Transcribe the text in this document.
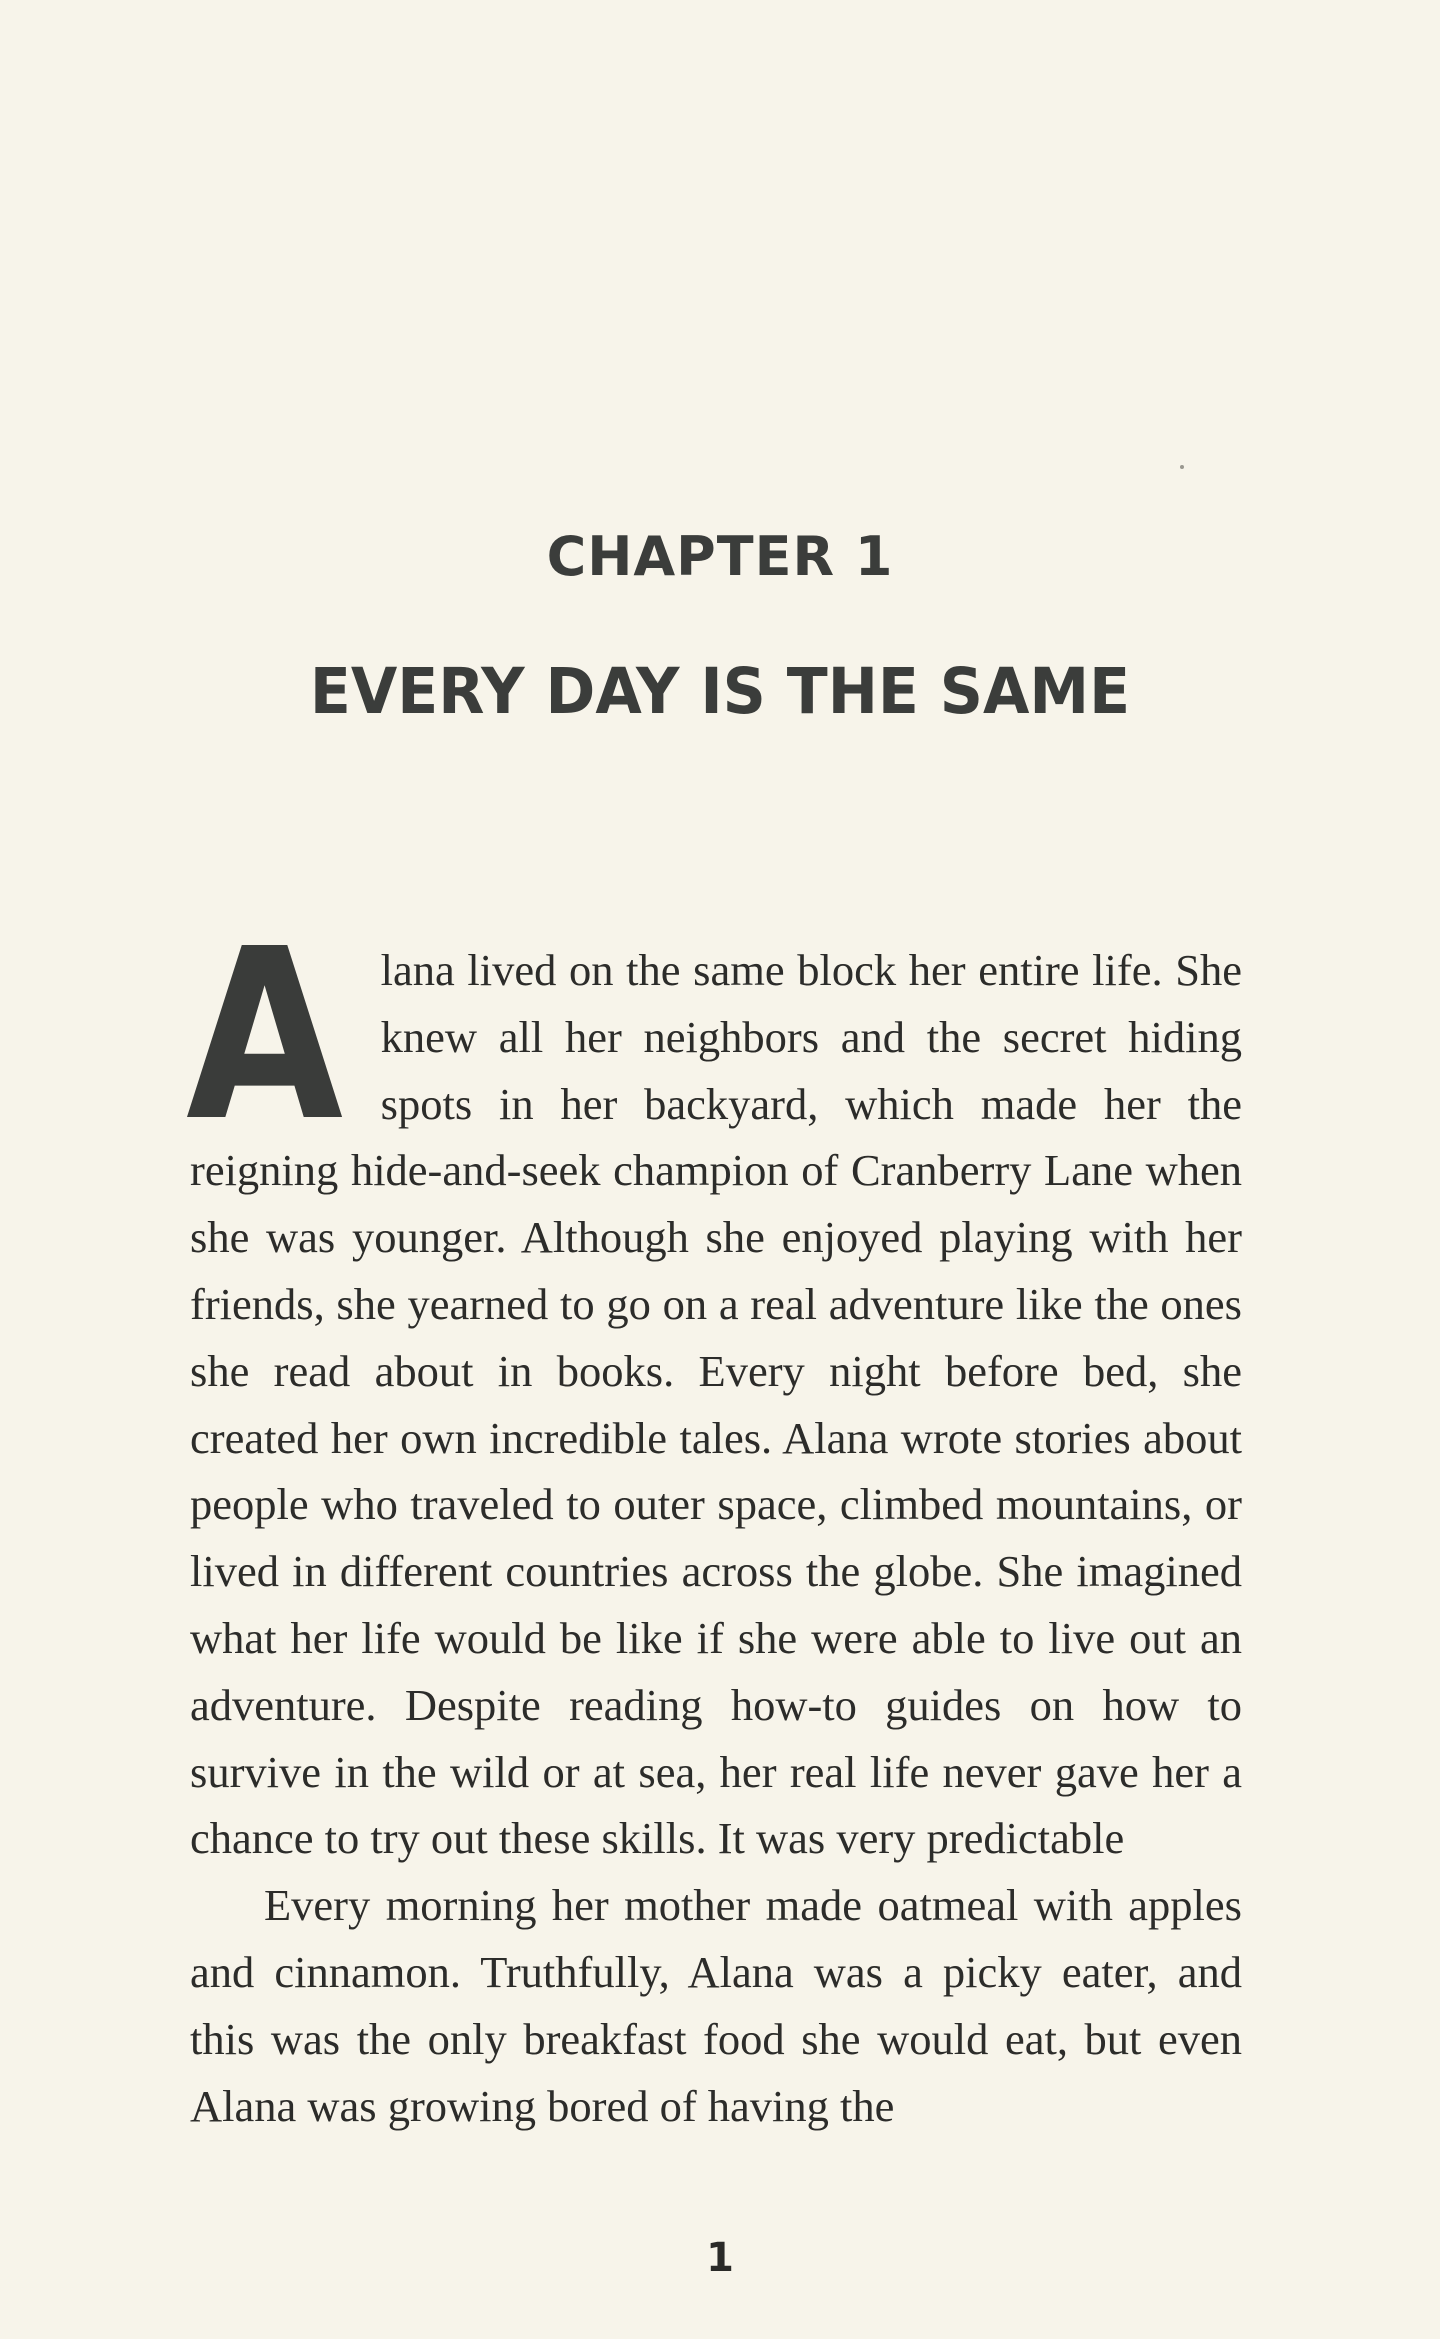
CHAPTER 1
EVERY DAY IS THE SAME

Alana lived on the same block her entire life. She knew all her neighbors and the secret hiding spots in her backyard, which made her the reigning hide-and-seek champion of Cranberry Lane when she was younger. Although she enjoyed playing with her friends, she yearned to go on a real adventure like the ones she read about in books. Every night before bed, she created her own incredible tales. Alana wrote stories about people who traveled to outer space, climbed mountains, or lived in different countries across the globe. She imagined what her life would be like if she were able to live out an adventure. Despite reading how-to guides on how to survive in the wild or at sea, her real life never gave her a chance to try out these skills. It was very predictable

Every morning her mother made oatmeal with apples and cinnamon. Truthfully, Alana was a picky eater, and this was the only breakfast food she would eat, but even Alana was growing bored of having the

1
